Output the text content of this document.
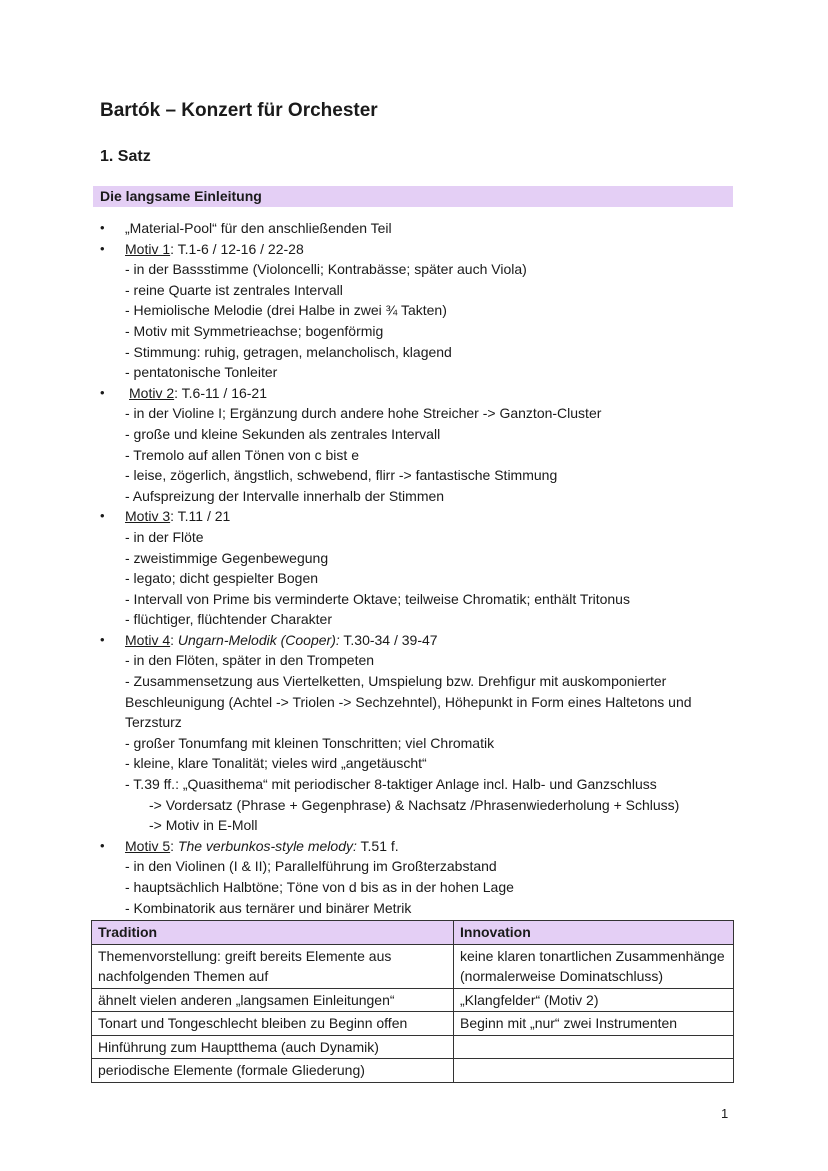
Bartók – Konzert für Orchester
1. Satz
Die langsame Einleitung
•	„Material-Pool“ für den anschließenden Teil
•	Motiv 1: T.1-6 / 12-16 / 22-28
- in der Bassstimme (Violoncelli; Kontrabässe; später auch Viola)
- reine Quarte ist zentrales Intervall
- Hemiolische Melodie (drei Halbe in zwei ¾ Takten)
- Motiv mit Symmetrieachse; bogenförmig
- Stimmung: ruhig, getragen, melancholisch, klagend
- pentatonische Tonleiter
•	Motiv 2: T.6-11 / 16-21
- in der Violine I; Ergänzung durch andere hohe Streicher -> Ganzton-Cluster
- große und kleine Sekunden als zentrales Intervall
- Tremolo auf allen Tönen von c bist e
- leise, zögerlich, ängstlich, schwebend, flirr -> fantastische Stimmung
- Aufspreizung der Intervalle innerhalb der Stimmen
•	Motiv 3: T.11 / 21
- in der Flöte
- zweistimmige Gegenbewegung
- legato; dicht gespielter Bogen
- Intervall von Prime bis verminderte Oktave; teilweise Chromatik; enthält Tritonus
- flüchtiger, flüchtender Charakter
•	Motiv 4: Ungarn-Melodik (Cooper): T.30-34 / 39-47
- in den Flöten, später in den Trompeten
- Zusammensetzung aus Viertelketten, Umspielung bzw. Drehfigur mit auskomponierter Beschleunigung (Achtel -> Triolen -> Sechzehntel), Höhepunkt in Form eines Haltetons und Terzsturz
- großer Tonumfang mit kleinen Tonschritten; viel Chromatik
- kleine, klare Tonalität; vieles wird „angetäuscht“
- T.39 ff.: „Quasithema“ mit periodischer 8-taktiger Anlage incl. Halb- und Ganzschluss
-> Vordersatz (Phrase + Gegenphrase) & Nachsatz /Phrasenwiederholung + Schluss)
-> Motiv in E-Moll
•	Motiv 5: The verbunkos-style melody: T.51 f.
- in den Violinen (I & II); Parallelführung im Großterzabstand
- hauptsächlich Halbtöne; Töne von d bis as in der hohen Lage
- Kombinatorik aus ternärer und binärer Metrik
Tradition	Innovation
Themenvorstellung: greift bereits Elemente aus nachfolgenden Themen auf	keine klaren tonartlichen Zusammenhänge (normalerweise Dominatschluss)
ähnelt vielen anderen „langsamen Einleitungen“	„Klangfelder“ (Motiv 2)
Tonart und Tongeschlecht bleiben zu Beginn offen	Beginn mit „nur“ zwei Instrumenten
Hinführung zum Hauptthema (auch Dynamik)	
periodische Elemente (formale Gliederung)	
1
